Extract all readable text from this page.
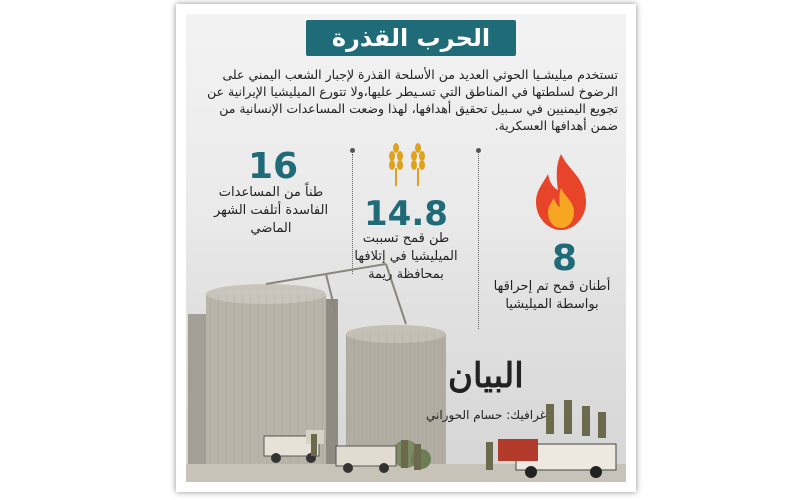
الحرب القذرة
تستخدم ميليشـيا الحوثي العديد من الأسلحة القذرة لإجبار الشعب اليمني على الرضوخ لسلطتها في المناطق التي تسـيطر عليها،ولا تتورع الميليشيا الإيرانية عن تجويع اليمنيين في سـبيل تحقيق أهدافها، لهذا وضعت المساعدات الإنسانية من ضمن أهدافها العسكرية.
16
طناً من المساعدات
الفاسدة أتلفت الشهر
الماضي	14.8
طن قمح تسببت
الميليشيا في إتلافها
بمحافظة ريمة	8
أطنان قمح تم إحراقها
بواسطة الميليشيا
البيان
غرافيك: حسام الحوراني
